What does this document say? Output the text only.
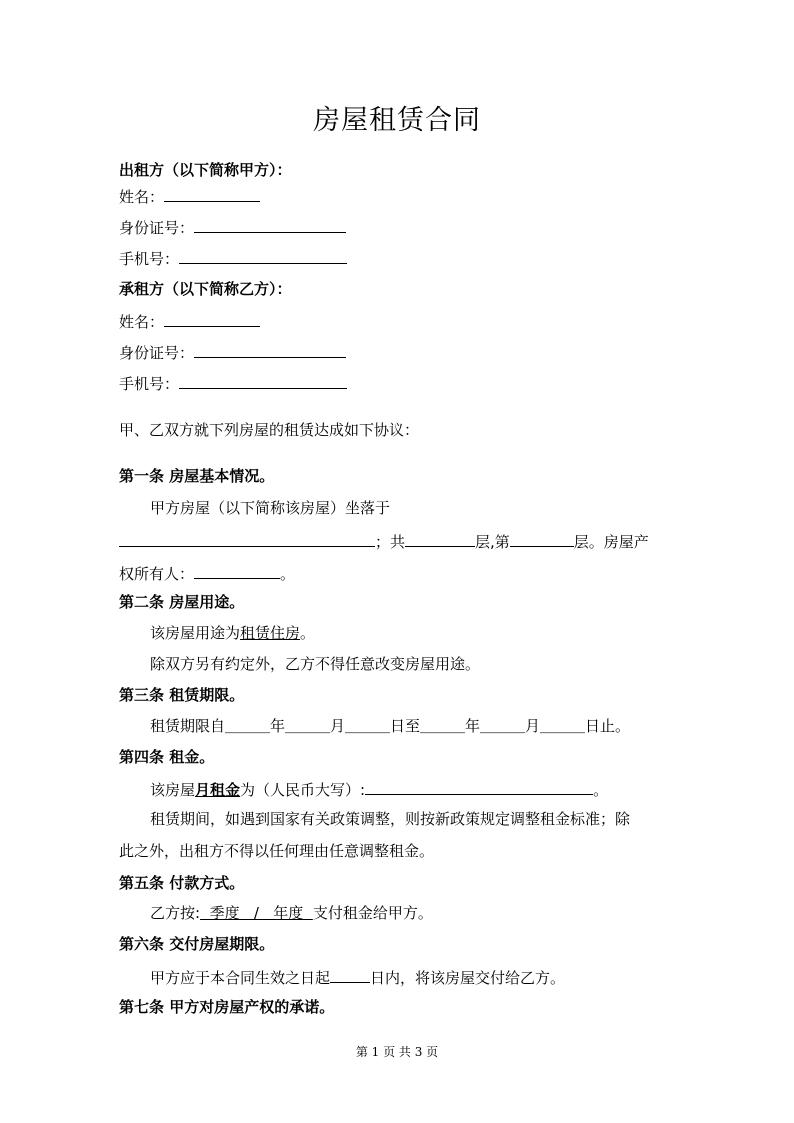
房屋租赁合同
出租方（以下简称甲方）：
姓名：
身份证号：
手机号：
承租方（以下简称乙方）：
姓名：
身份证号：
手机号：
甲、乙双方就下列房屋的租赁达成如下协议：
第一条 房屋基本情况。
甲方房屋（以下简称该房屋）坐落于
；共	层,第	层。房屋产
权所有人：	。
第二条 房屋用途。
该房屋用途为租赁住房。
除双方另有约定外，乙方不得任意改变房屋用途。
第三条 租赁期限。
租赁期限自＿＿＿年＿＿＿月＿＿＿日至＿＿＿年＿＿＿月＿＿＿日止。
第四条 租金。
该房屋月租金为（人民币大写）:	。
租赁期间，如遇到国家有关政策调整，则按新政策规定调整租金标准；除
此之外，出租方不得以任何理由任意调整租金。
第五条 付款方式。
乙方按:  季度   /   年度  支付租金给甲方。
第六条 交付房屋期限。
甲方应于本合同生效之日起	日内，将该房屋交付给乙方。
第七条 甲方对房屋产权的承诺。
第 1 页 共 3 页
